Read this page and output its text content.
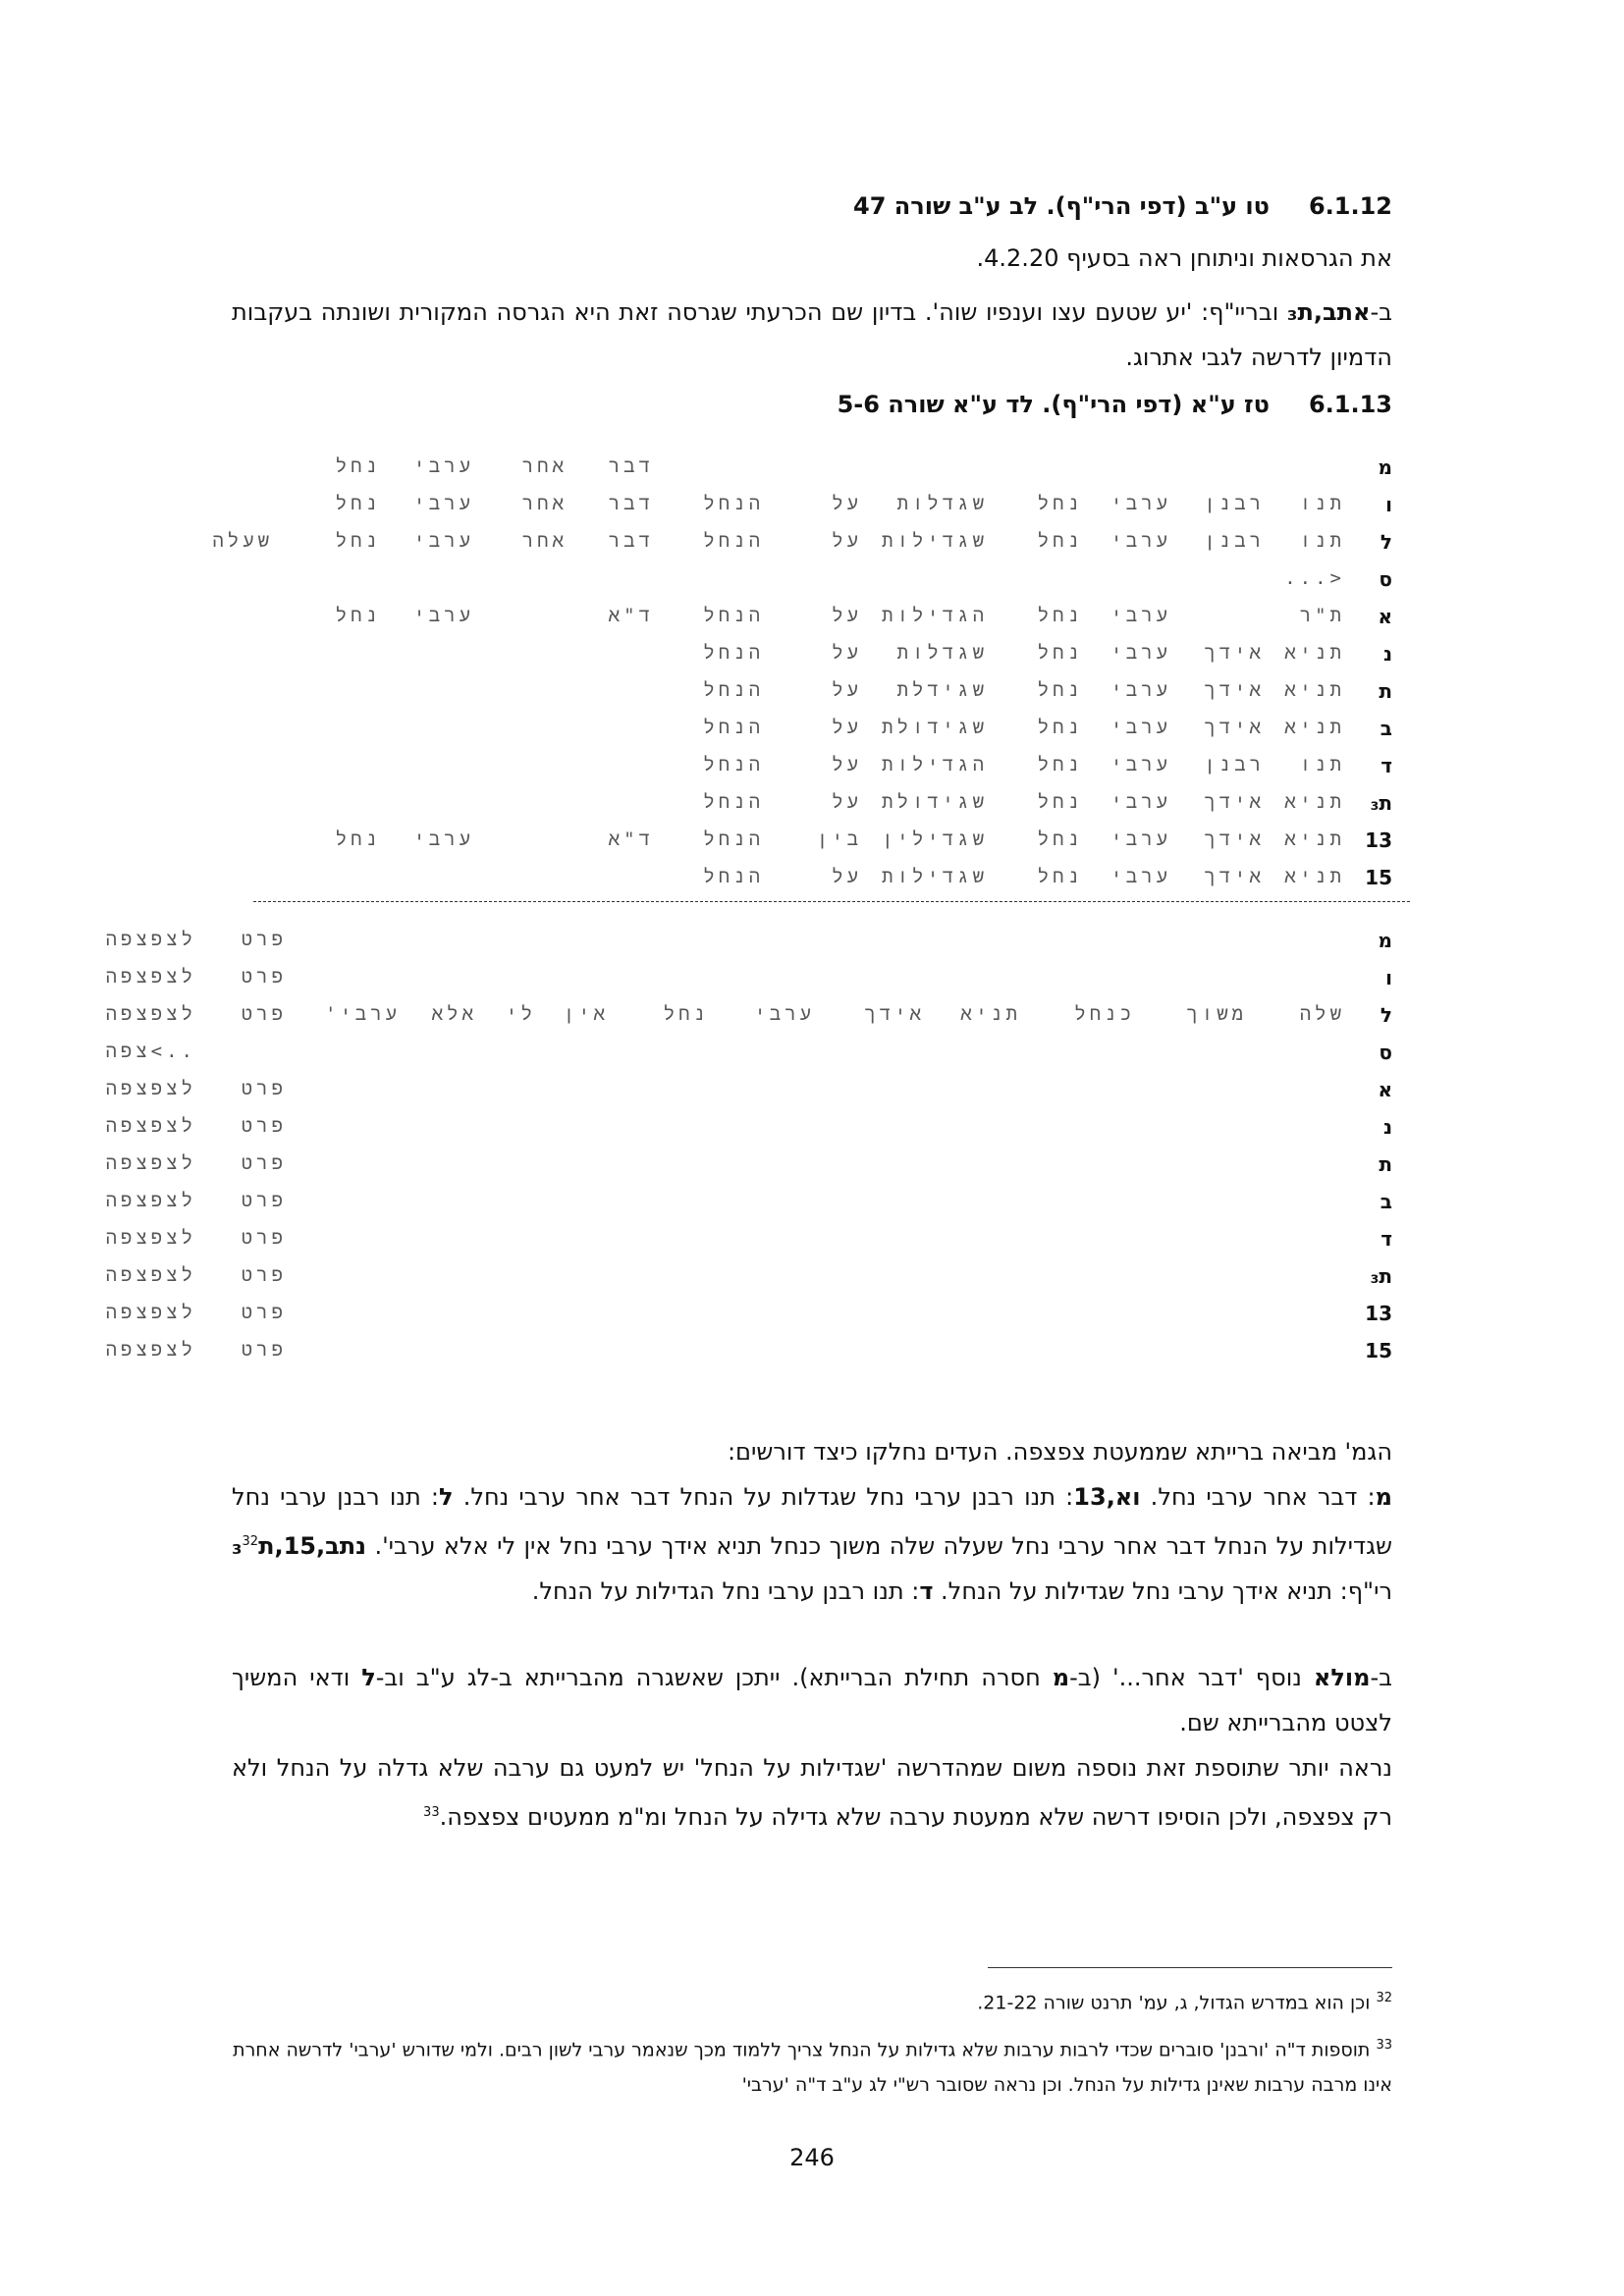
6.1.12טו ע"ב (דפי הרי"ף). לב ע"ב שורה 47
את הגרסאות וניתוחן ראה בסעיף 4.2.20.
ב-אתב,ת₃ ובריי"ף: 'יע שטעם עצו וענפיו שוה'. בדיון שם הכרעתי שגרסה זאת היא הגרסה המקורית ושונתה בעקבות הדמיון לדרשה לגבי אתרוג.
6.1.13טז ע"א (דפי הרי"ף). לד ע"א שורה 5-6
מ
דבר
אחר
ערבי
נחל
ו
תנו
רבנן
ערבי
נחל
שגדלות
על
הנחל
דבר
אחר
ערבי
נחל
ל
תנו
רבנן
ערבי
נחל
שגדילות
על
הנחל
דבר
אחר
ערבי
נחל
שעלה
ס
<...
א
ת"ר
ערבי
נחל
הגדילות
על
הנחל
ד"א
ערבי
נחל
נ
תניא
אידך
ערבי
נחל
שגדלות
על
הנחל
ת
תניא
אידך
ערבי
נחל
שגידלת
על
הנחל
ב
תניא
אידך
ערבי
נחל
שגידולת
על
הנחל
ד
תנו
רבנן
ערבי
נחל
הגדילות
על
הנחל
ת₃
תניא
אידך
ערבי
נחל
שגידולת
על
הנחל
13
תניא
אידך
ערבי
נחל
שגדילין
בין
הנחל
ד"א
ערבי
נחל
15
תניא
אידך
ערבי
נחל
שגדילות
על
הנחל
מ
פרט
לצפצפה
ו
פרט
לצפצפה
ל
שלה
משוך
כנחל
תניא
אידך
ערבי
נחל
אין
לי
אלא
ערבי'
פרט
לצפצפה
ס
..>צפה
א
פרט
לצפצפה
נ
פרט
לצפצפה
ת
פרט
לצפצפה
ב
פרט
לצפצפה
ד
פרט
לצפצפה
ת₃
פרט
לצפצפה
13
פרט
לצפצפה
15
פרט
לצפצפה
הגמ' מביאה ברייתא שממעטת צפצפה. העדים נחלקו כיצד דורשים:
מ: דבר אחר ערבי נחל. וא,13: תנו רבנן ערבי נחל שגדלות על הנחל דבר אחר ערבי נחל. ל: תנו רבנן ערבי נחל שגדילות על הנחל דבר אחר ערבי נחל שעלה שלה משוך כנחל תניא אידך ערבי נחל אין לי אלא ערבי'. נתב,15,ת₃$^{32}$ רי"ף: תניא אידך ערבי נחל שגדילות על הנחל. ד: תנו רבנן ערבי נחל הגדילות על הנחל.
ב-מולא נוסף 'דבר אחר...' (ב-מ חסרה תחילת הברייתא). ייתכן שאשגרה מהברייתא ב-לג ע"ב וב-ל ודאי המשיך לצטט מהברייתא שם.
נראה יותר שתוספת זאת נוספה משום שמהדרשה 'שגדילות על הנחל' יש למעט גם ערבה שלא גדלה על הנחל ולא רק צפצפה, ולכן הוסיפו דרשה שלא ממעטת ערבה שלא גדילה על הנחל ומ"מ ממעטים צפצפה.$^{33}$
$^{32}$ וכן הוא במדרש הגדול, ג, עמ' תרנט שורה 21-22.
$^{33}$ תוספות ד"ה 'ורבנן' סוברים שכדי לרבות ערבות שלא גדילות על הנחל צריך ללמוד מכך שנאמר ערבי לשון רבים. ולמי שדורש 'ערבי' לדרשה אחרת אינו מרבה ערבות שאינן גדילות על הנחל. וכן נראה שסובר רש"י לג ע"ב ד"ה 'ערבי'
246
